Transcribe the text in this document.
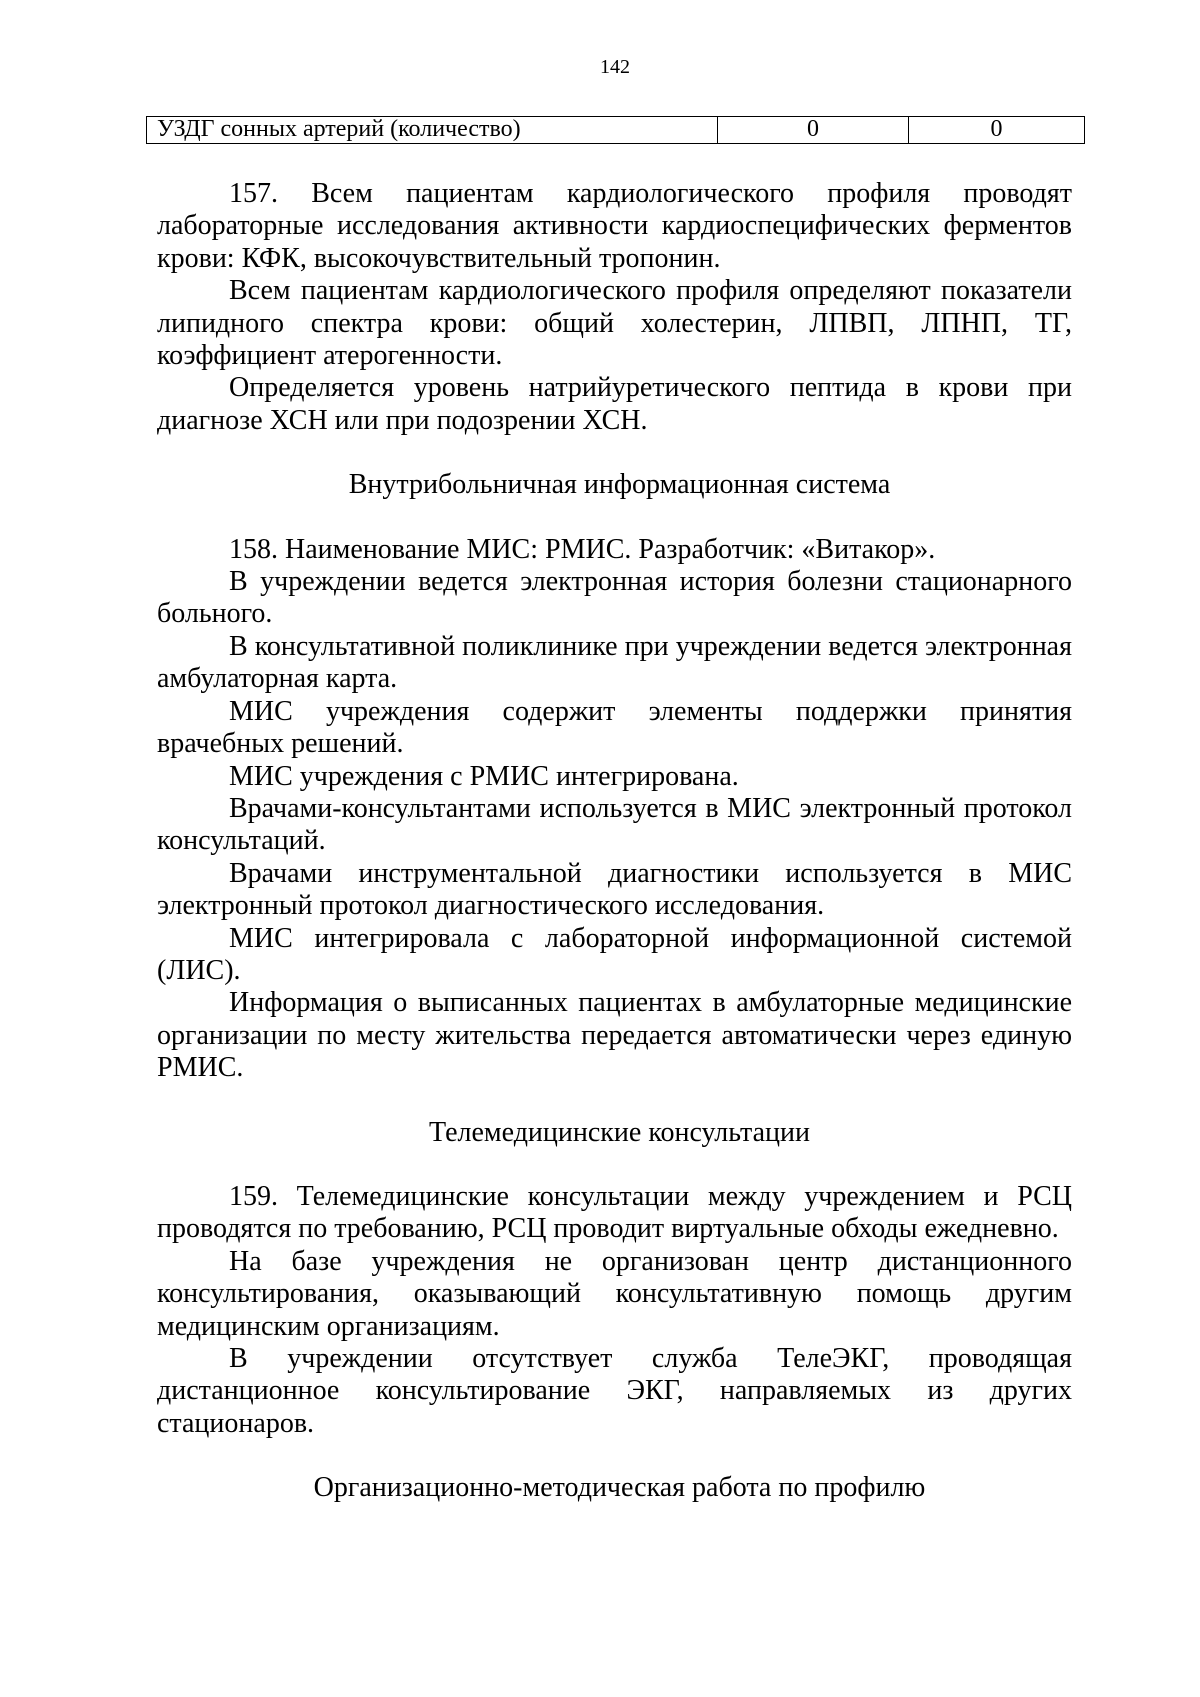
142
УЗДГ сонных артерий (количество)	0	0

157. Всем пациентам кардиологического профиля проводят лабораторные исследования активности кардиоспецифических ферментов крови: КФК, высокочувствительный тропонин.

Всем пациентам кардиологического профиля определяют показатели липидного спектра крови: общий холестерин, ЛПВП, ЛПНП, ТГ, коэффициент атерогенности.

Определяется уровень натрийуретического пептида в крови при диагнозе ХСН или при подозрении ХСН.

Внутрибольничная информационная система

158. Наименование МИС: РМИС. Разработчик: «Витакор».

В учреждении ведется электронная история болезни стационарного больного.

В консультативной поликлинике при учреждении ведется электронная амбулаторная карта.

МИС учреждения содержит элементы поддержки принятия врачебных решений.

МИС учреждения с РМИС интегрирована.

Врачами-консультантами используется в МИС электронный протокол консультаций.

Врачами инструментальной диагностики используется в МИС электронный протокол диагностического исследования.

МИС интегрировала с лабораторной информационной системой (ЛИС).

Информация о выписанных пациентах в амбулаторные медицинские организации по месту жительства передается автоматически через единую РМИС.

Телемедицинские консультации

159. Телемедицинские консультации между учреждением и РСЦ проводятся по требованию, РСЦ проводит виртуальные обходы ежедневно.

На базе учреждения не организован центр дистанционного консультирования, оказывающий консультативную помощь другим медицинским организациям.

В учреждении отсутствует служба ТелеЭКГ, проводящая дистанционное консультирование ЭКГ, направляемых из других стационаров.

Организационно-методическая работа по профилю
